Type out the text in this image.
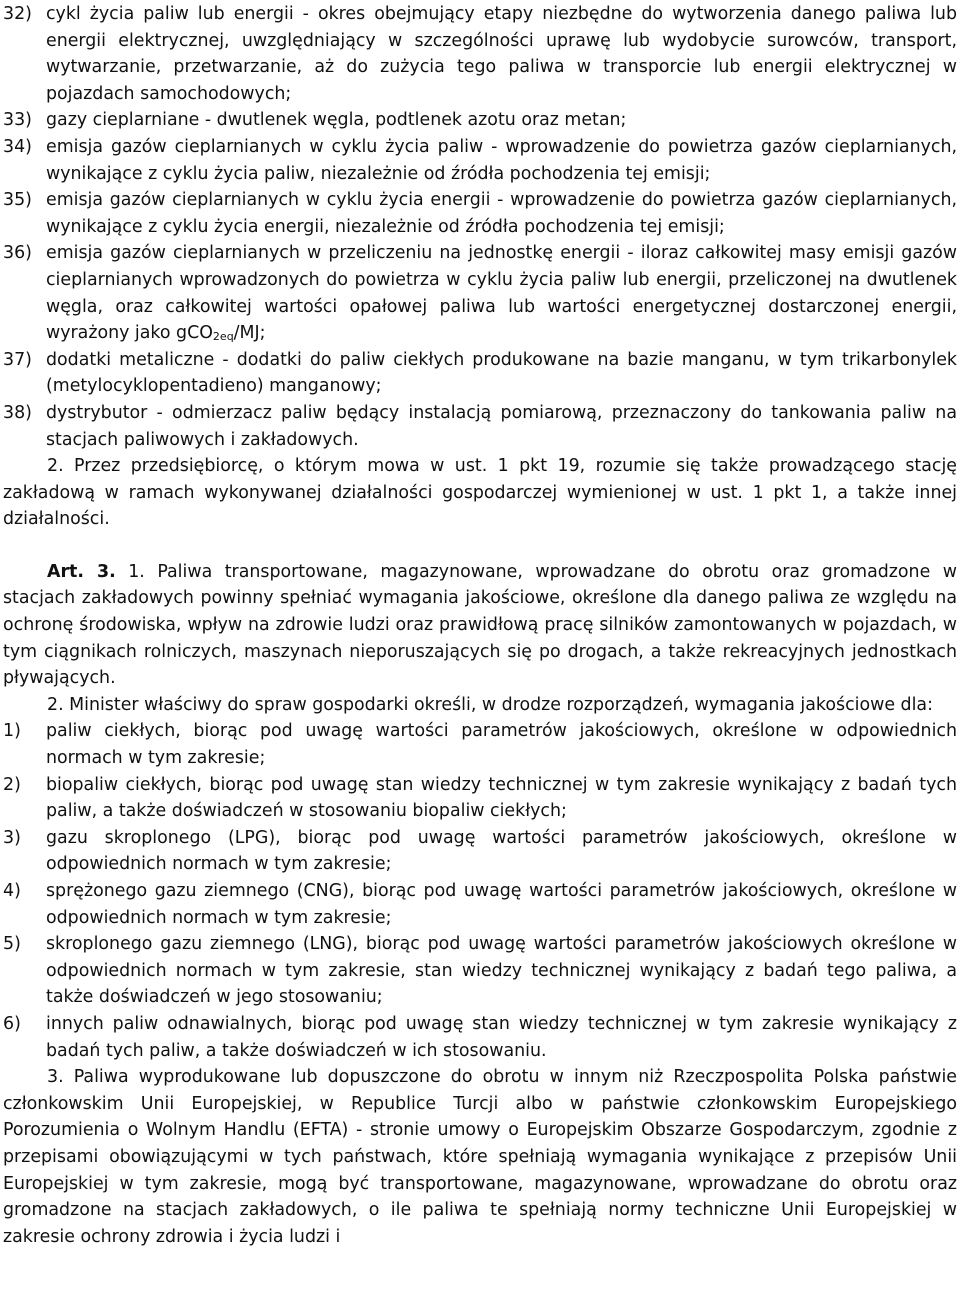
32) cykl życia paliw lub energii - okres obejmujący etapy niezbędne do wytworzenia danego paliwa lub energii elektrycznej, uwzględniający w szczególności uprawę lub wydobycie surowców, transport, wytwarzanie, przetwarzanie, aż do zużycia tego paliwa w transporcie lub energii elektrycznej w pojazdach samochodowych;
33) gazy cieplarniane - dwutlenek węgla, podtlenek azotu oraz metan;
34) emisja gazów cieplarnianych w cyklu życia paliw - wprowadzenie do powietrza gazów cieplarnianych, wynikające z cyklu życia paliw, niezależnie od źródła pochodzenia tej emisji;
35) emisja gazów cieplarnianych w cyklu życia energii - wprowadzenie do powietrza gazów cieplarnianych, wynikające z cyklu życia energii, niezależnie od źródła pochodzenia tej emisji;
36) emisja gazów cieplarnianych w przeliczeniu na jednostkę energii - iloraz całkowitej masy emisji gazów cieplarnianych wprowadzonych do powietrza w cyklu życia paliw lub energii, przeliczonej na dwutlenek węgla, oraz całkowitej wartości opałowej paliwa lub wartości energetycznej dostarczonej energii, wyrażony jako gCO$_{2eq}$/MJ;
37) dodatki metaliczne - dodatki do paliw ciekłych produkowane na bazie manganu, w tym trikarbonylek (metylocyklopentadieno) manganowy;
38) dystrybutor - odmierzacz paliw będący instalacją pomiarową, przeznaczony do tankowania paliw na stacjach paliwowych i zakładowych.

2. Przez przedsiębiorcę, o którym mowa w ust. 1 pkt 19, rozumie się także prowadzącego stację zakładową w ramach wykonywanej działalności gospodarczej wymienionej w ust. 1 pkt 1, a także innej działalności.

Art. 3. 1. Paliwa transportowane, magazynowane, wprowadzane do obrotu oraz gromadzone w stacjach zakładowych powinny spełniać wymagania jakościowe, określone dla danego paliwa ze względu na ochronę środowiska, wpływ na zdrowie ludzi oraz prawidłową pracę silników zamontowanych w pojazdach, w tym ciągnikach rolniczych, maszynach nieporuszających się po drogach, a także rekreacyjnych jednostkach pływających.

2. Minister właściwy do spraw gospodarki określi, w drodze rozporządzeń, wymagania jakościowe dla:

1)	paliw ciekłych, biorąc pod uwagę wartości parametrów jakościowych, określone w odpowiednich normach w tym zakresie;
2)	biopaliw ciekłych, biorąc pod uwagę stan wiedzy technicznej w tym zakresie wynikający z badań tych paliw, a także doświadczeń w stosowaniu biopaliw ciekłych;
3)	gazu skroplonego (LPG), biorąc pod uwagę wartości parametrów jakościowych, określone w odpowiednich normach w tym zakresie;
4)	sprężonego gazu ziemnego (CNG), biorąc pod uwagę wartości parametrów jakościowych, określone w odpowiednich normach w tym zakresie;
5)	skroplonego gazu ziemnego (LNG), biorąc pod uwagę wartości parametrów jakościowych określone w odpowiednich normach w tym zakresie, stan wiedzy technicznej wynikający z badań tego paliwa, a także doświadczeń w jego stosowaniu;
6)	innych paliw odnawialnych, biorąc pod uwagę stan wiedzy technicznej w tym zakresie wynikający z badań tych paliw, a także doświadczeń w ich stosowaniu.

3. Paliwa wyprodukowane lub dopuszczone do obrotu w innym niż Rzeczpospolita Polska państwie członkowskim Unii Europejskiej, w Republice Turcji albo w państwie członkowskim Europejskiego Porozumienia o Wolnym Handlu (EFTA) - stronie umowy o Europejskim Obszarze Gospodarczym, zgodnie z przepisami obowiązującymi w tych państwach, które spełniają wymagania wynikające z przepisów Unii Europejskiej w tym zakresie, mogą być transportowane, magazynowane, wprowadzane do obrotu oraz gromadzone na stacjach zakładowych, o ile paliwa te spełniają normy techniczne Unii Europejskiej w zakresie ochrony zdrowia i życia ludzi i
